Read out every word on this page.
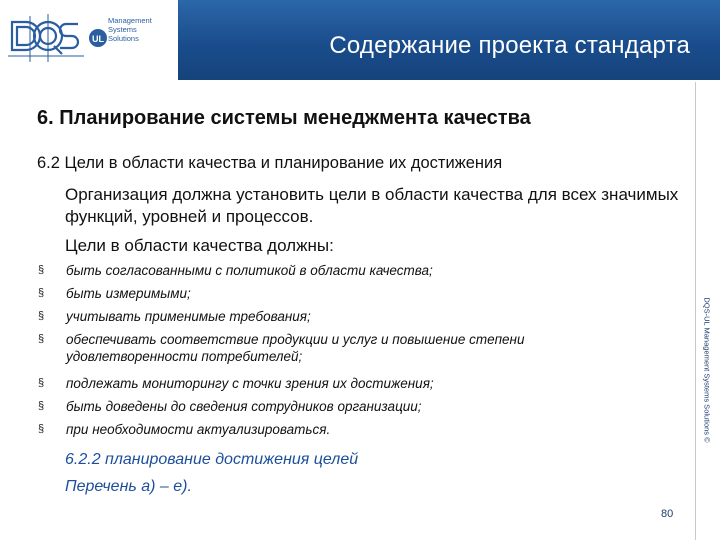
UL
Management
Systems
Solutions	Содержание проекта стандарта
DQS-UL Management Systems Solutions ©
6. Планирование системы менеджмента качества
6.2 Цели в области качества и планирование их достижения
Организация должна установить цели в области качества для всех значимых функций, уровней и процессов.
Цели в области качества должны:
§ быть согласованными с политикой в области качества;
§ быть измеримыми;
§ учитывать применимые требования;
§ обеспечивать соответствие продукции и услуг и повышение степени удовлетворенности потребителей;
§ подлежать мониторингу с точки зрения их достижения;
§ быть доведены до сведения сотрудников организации;
§ при необходимости актуализироваться.
6.2.2 планирование достижения целей
Перечень а) – е).
80
